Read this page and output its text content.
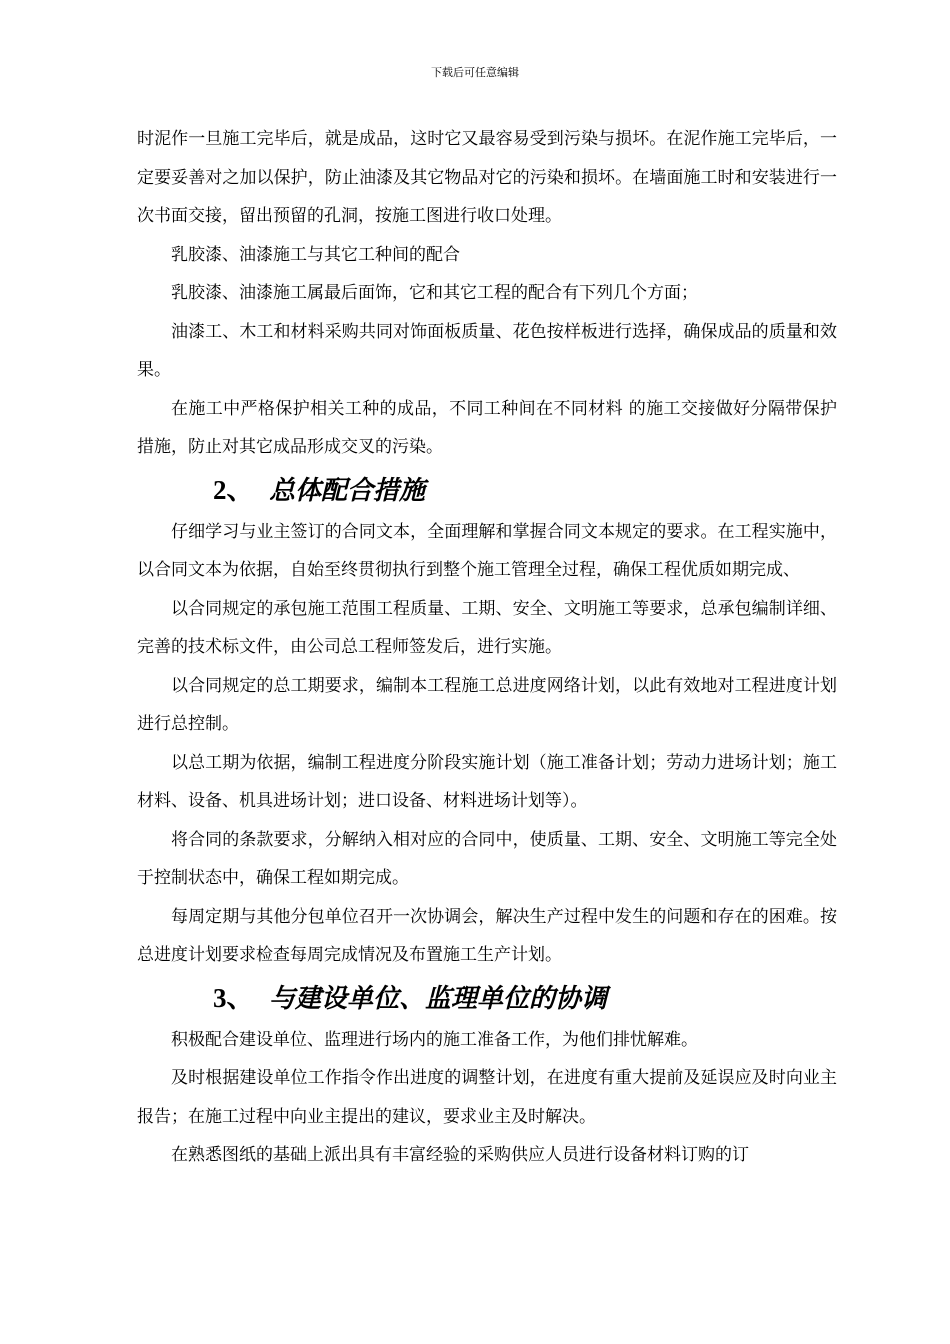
下载后可任意编辑

时泥作一旦施工完毕后，就是成品，这时它又最容易受到污染与损坏。在泥作施工完毕后，一定要妥善对之加以保护，防止油漆及其它物品对它的污染和损坏。在墙面施工时和安装进行一次书面交接，留出预留的孔洞，按施工图进行收口处理。

乳胶漆、油漆施工与其它工种间的配合

乳胶漆、油漆施工属最后面饰，它和其它工程的配合有下列几个方面；

油漆工、木工和材料采购共同对饰面板质量、花色按样板进行选择，确保成品的质量和效果。

在施工中严格保护相关工种的成品，不同工种间在不同材料 的施工交接做好分隔带保护措施，防止对其它成品形成交叉的污染。

2、 总体配合措施

仔细学习与业主签订的合同文本，全面理解和掌握合同文本规定的要求。在工程实施中，以合同文本为依据，自始至终贯彻执行到整个施工管理全过程，确保工程优质如期完成、

以合同规定的承包施工范围工程质量、工期、安全、文明施工等要求，总承包编制详细、完善的技术标文件，由公司总工程师签发后，进行实施。

以合同规定的总工期要求，编制本工程施工总进度网络计划，以此有效地对工程进度计划进行总控制。

以总工期为依据，编制工程进度分阶段实施计划（施工准备计划；劳动力进场计划；施工材料、设备、机具进场计划；进口设备、材料进场计划等）。

将合同的条款要求，分解纳入相对应的合同中，使质量、工期、安全、文明施工等完全处于控制状态中，确保工程如期完成。

每周定期与其他分包单位召开一次协调会，解决生产过程中发生的问题和存在的困难。按总进度计划要求检查每周完成情况及布置施工生产计划。

3、 与建设单位、监理单位的协调

积极配合建设单位、监理进行场内的施工准备工作，为他们排忧解难。

及时根据建设单位工作指令作出进度的调整计划，在进度有重大提前及延误应及时向业主报告；在施工过程中向业主提出的建议，要求业主及时解决。

在熟悉图纸的基础上派出具有丰富经验的采购供应人员进行设备材料订购的订
